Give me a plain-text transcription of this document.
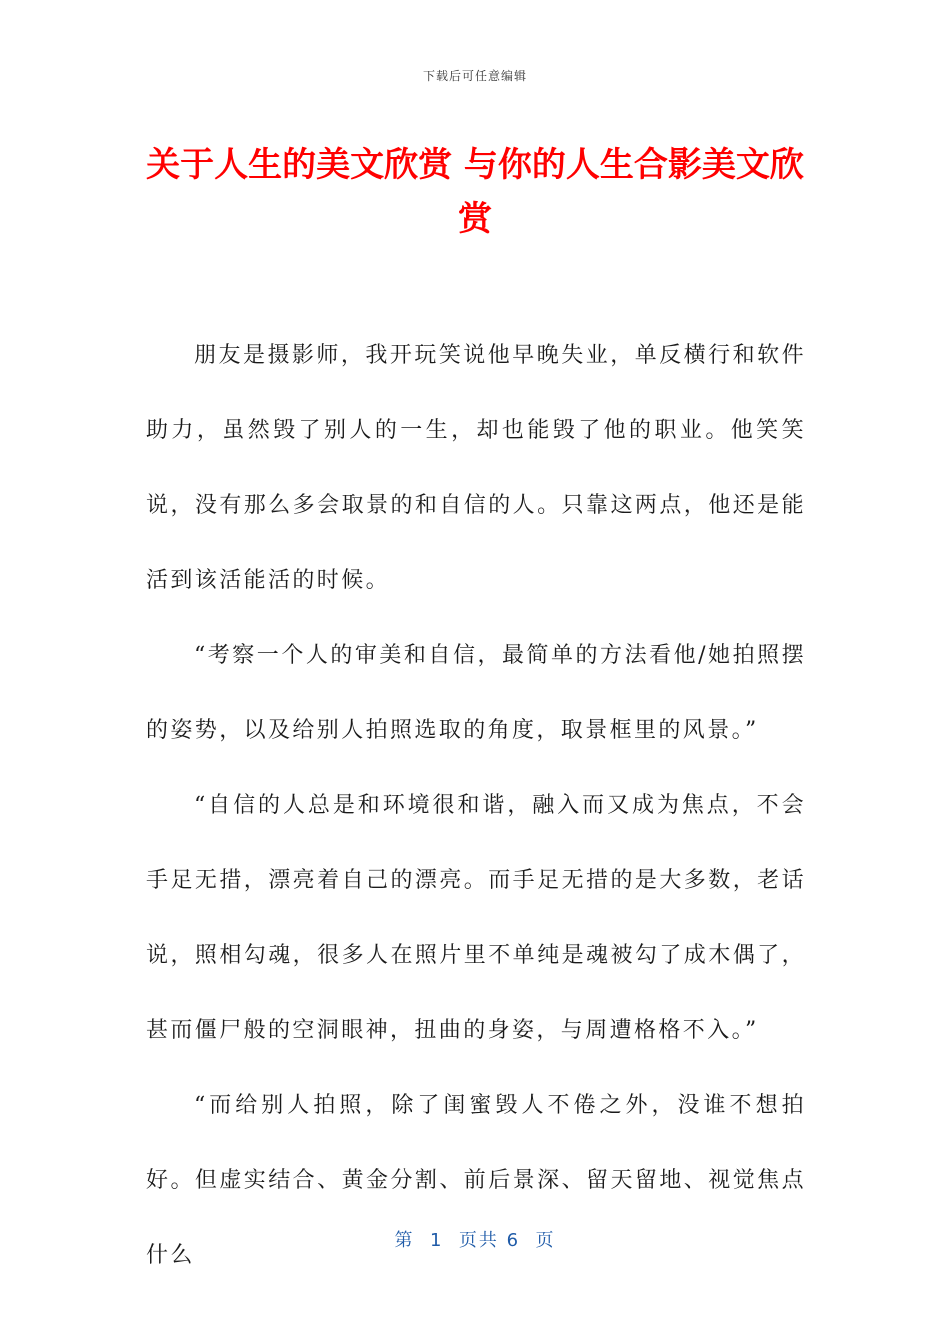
下载后可任意编辑
关于人生的美文欣赏 与你的人生合影美文欣赏

朋友是摄影师，我开玩笑说他早晚失业，单反横行和软件助力，虽然毁了别人的一生，却也能毁了他的职业。他笑笑说，没有那么多会取景的和自信的人。只靠这两点，他还是能活到该活能活的时候。

“考察一个人的审美和自信，最简单的方法看他/她拍照摆的姿势，以及给别人拍照选取的角度，取景框里的风景。”

“自信的人总是和环境很和谐，融入而又成为焦点，不会手足无措，漂亮着自己的漂亮。而手足无措的是大多数，老话说，照相勾魂，很多人在照片里不单纯是魂被勾了成木偶了，甚而僵尸般的空洞眼神，扭曲的身姿，与周遭格格不入。”

“而给别人拍照，除了闺蜜毁人不倦之外，没谁不想拍好。但虚实结合、黄金分割、前后景深、留天留地、视觉焦点什么

第  1  页共 6  页
